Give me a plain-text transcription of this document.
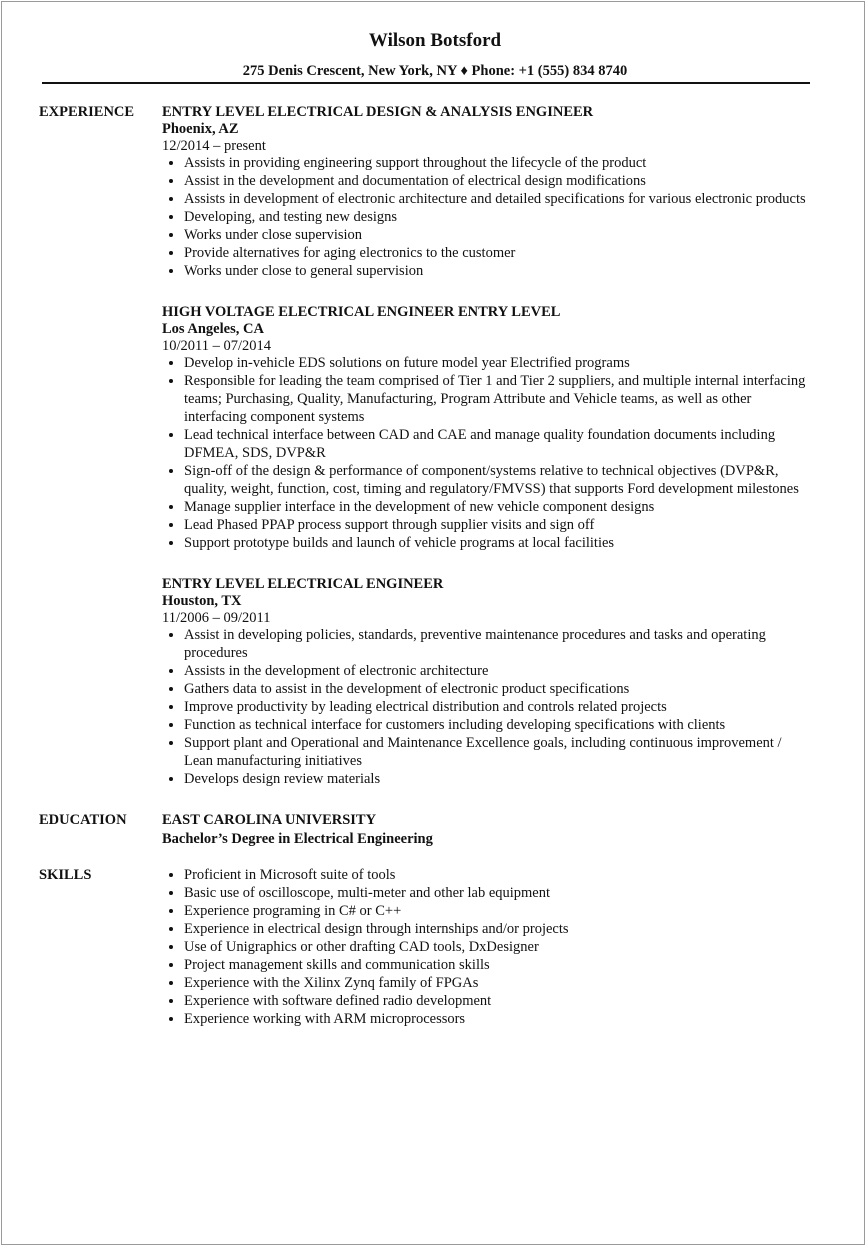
Wilson Botsford
275 Denis Crescent, New York, NY ♦ Phone: +1 (555) 834 8740
EXPERIENCE	ENTRY LEVEL ELECTRICAL DESIGN & ANALYSIS ENGINEER
Phoenix, AZ
12/2014 – present
• Assists in providing engineering support throughout the lifecycle of the product
• Assist in the development and documentation of electrical design modifications
• Assists in development of electronic architecture and detailed specifications for various electronic products
• Developing, and testing new designs
• Works under close supervision
• Provide alternatives for aging electronics to the customer
• Works under close to general supervision
HIGH VOLTAGE ELECTRICAL ENGINEER ENTRY LEVEL
Los Angeles, CA
10/2011 – 07/2014
• Develop in-vehicle EDS solutions on future model year Electrified programs
• Responsible for leading the team comprised of Tier 1 and Tier 2 suppliers, and multiple internal interfacing teams; Purchasing, Quality, Manufacturing, Program Attribute and Vehicle teams, as well as other interfacing component systems
• Lead technical interface between CAD and CAE and manage quality foundation documents including DFMEA, SDS, DVP&R
• Sign-off of the design & performance of component/systems relative to technical objectives (DVP&R, quality, weight, function, cost, timing and regulatory/FMVSS) that supports Ford development milestones
• Manage supplier interface in the development of new vehicle component designs
• Lead Phased PPAP process support through supplier visits and sign off
• Support prototype builds and launch of vehicle programs at local facilities
ENTRY LEVEL ELECTRICAL ENGINEER
Houston, TX
11/2006 – 09/2011
• Assist in developing policies, standards, preventive maintenance procedures and tasks and operating procedures
• Assists in the development of electronic architecture
• Gathers data to assist in the development of electronic product specifications
• Improve productivity by leading electrical distribution and controls related projects
• Function as technical interface for customers including developing specifications with clients
• Support plant and Operational and Maintenance Excellence goals, including continuous improvement / Lean manufacturing initiatives
• Develops design review materials
EDUCATION	EAST CAROLINA UNIVERSITY
Bachelor’s Degree in Electrical Engineering
SKILLS
•	Proficient in Microsoft suite of tools
• Basic use of oscilloscope, multi-meter and other lab equipment
• Experience programing in C# or C++
• Experience in electrical design through internships and/or projects
• Use of Unigraphics or other drafting CAD tools, DxDesigner
• Project management skills and communication skills
• Experience with the Xilinx Zynq family of FPGAs
• Experience with software defined radio development
• Experience working with ARM microprocessors
